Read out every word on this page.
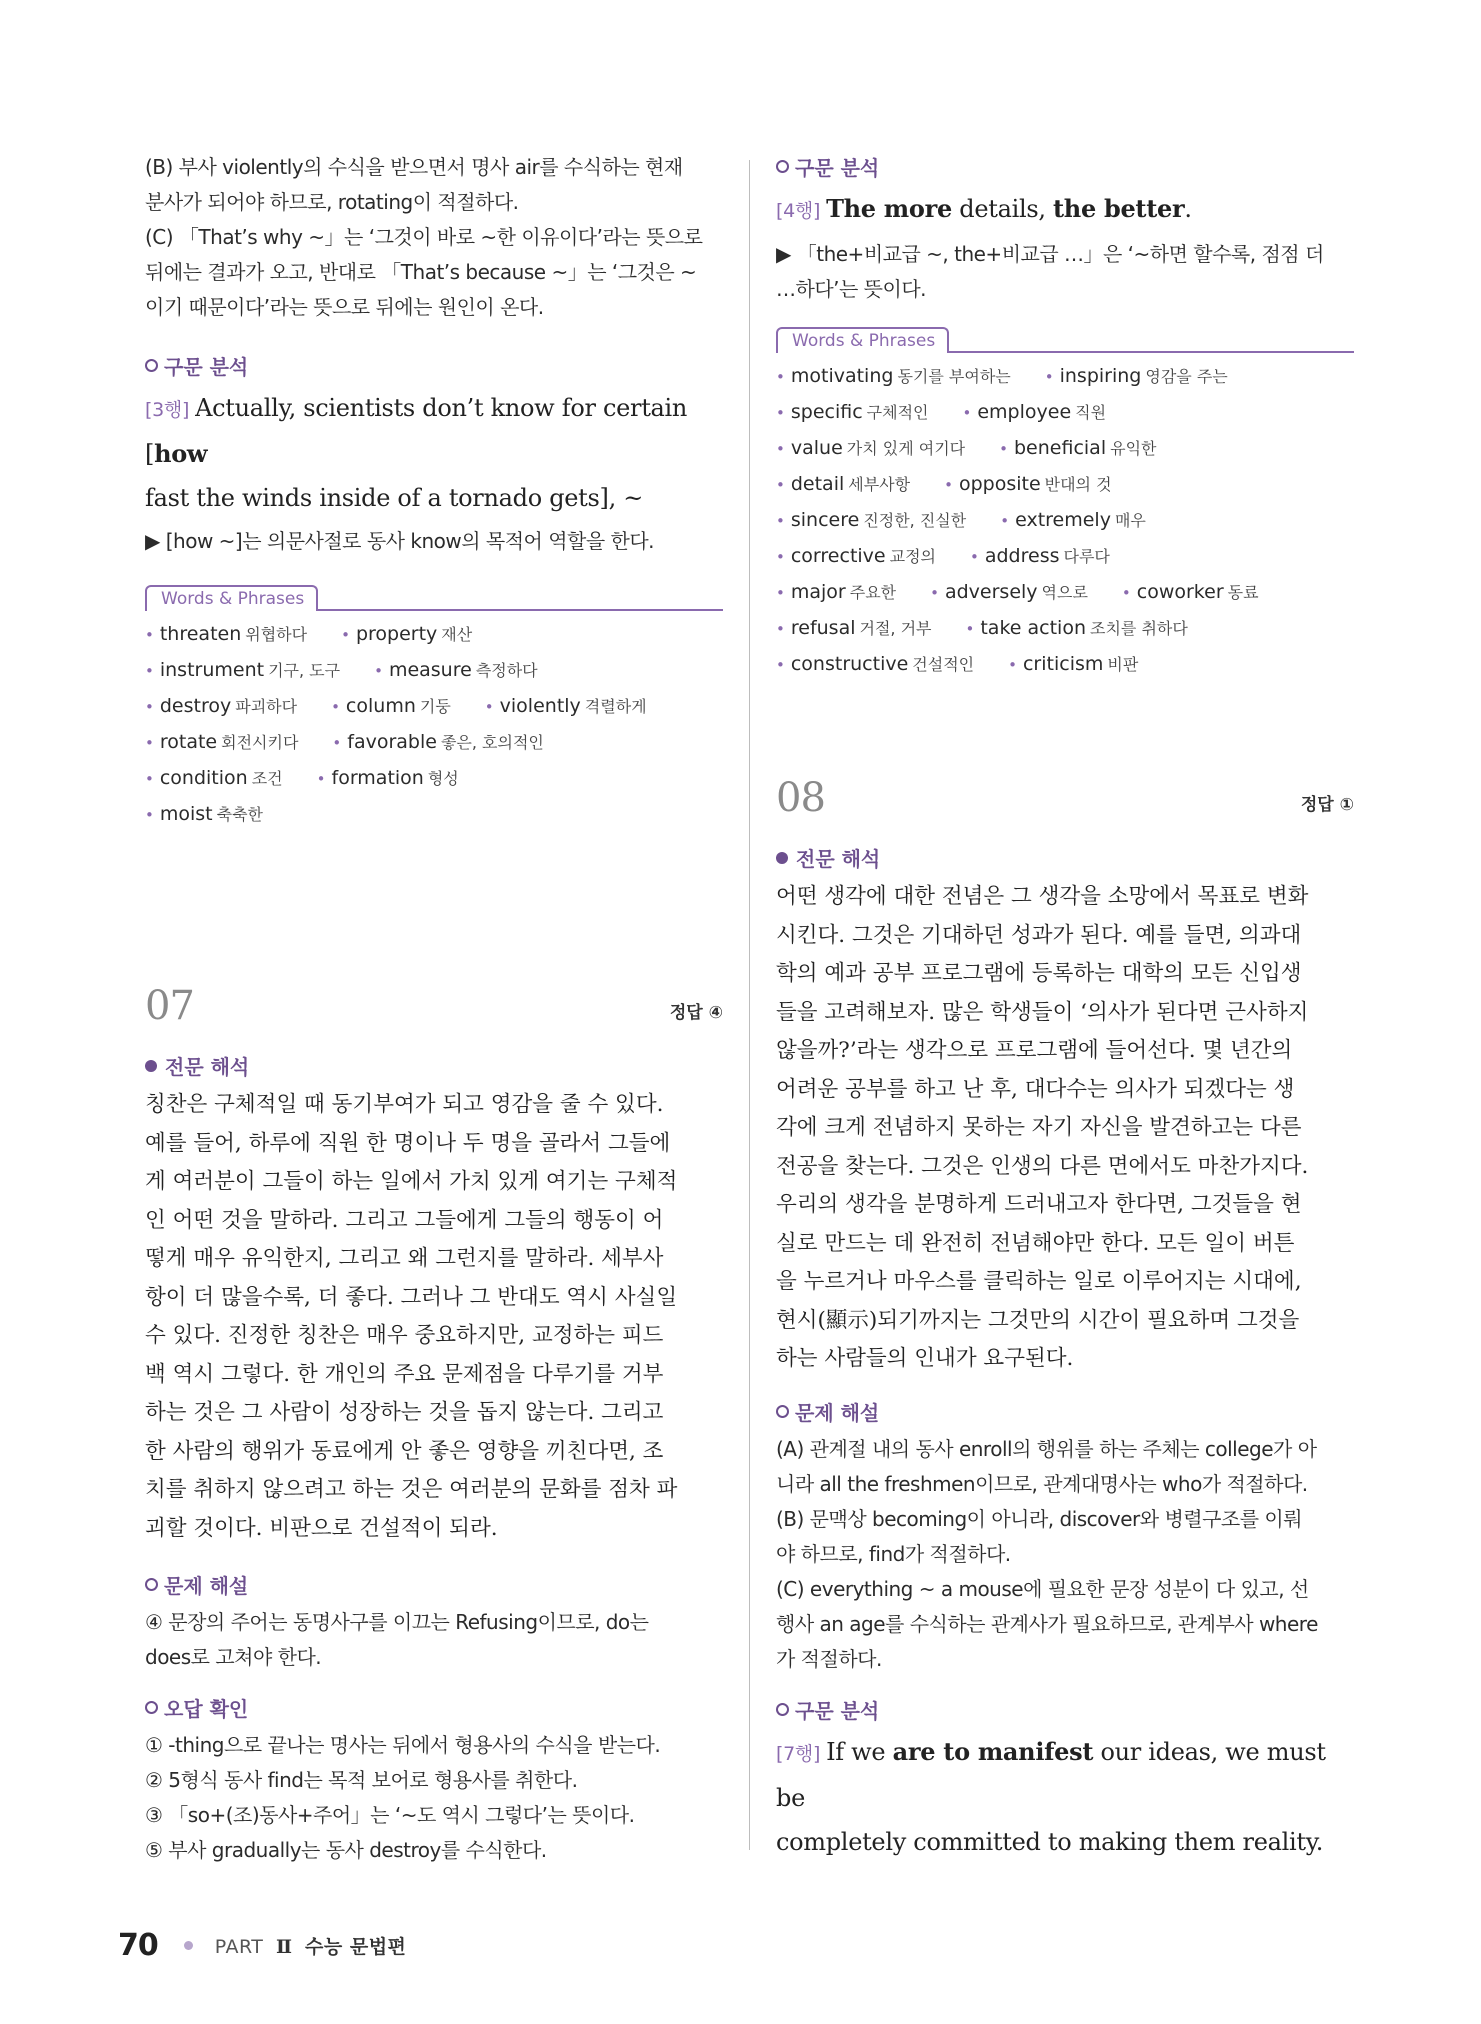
(B) 부사 violently의 수식을 받으면서 명사 air를 수식하는 현재

분사가 되어야 하므로, rotating이 적절하다.

(C) 「That’s why ~」는 ‘그것이 바로 ~한 이유이다’라는 뜻으로

뒤에는 결과가 오고, 반대로 「That’s because ~」는 ‘그것은 ~

이기 때문이다’라는 뜻으로 뒤에는 원인이 온다.

구문 분석
[3행] Actually, scientists don’t know for certain [how
fast the winds inside of a tornado gets], ~
▶ [how ~]는 의문사절로 동사 know의 목적어 역할을 한다.
Words & Phrases
• threaten 위협하다	• property 재산
• instrument 기구, 도구	• measure 측정하다
• destroy 파괴하다	• column 기둥	• violently 격렬하게
• rotate 회전시키다	• favorable 좋은, 호의적인
• condition 조건	• formation 형성
• moist 축축한
07	정답 ④
전문 해석

칭찬은 구체적일 때 동기부여가 되고 영감을 줄 수 있다.

예를 들어, 하루에 직원 한 명이나 두 명을 골라서 그들에

게 여러분이 그들이 하는 일에서 가치 있게 여기는 구체적

인 어떤 것을 말하라. 그리고 그들에게 그들의 행동이 어

떻게 매우 유익한지, 그리고 왜 그런지를 말하라. 세부사

항이 더 많을수록, 더 좋다. 그러나 그 반대도 역시 사실일

수 있다. 진정한 칭찬은 매우 중요하지만, 교정하는 피드

백 역시 그렇다. 한 개인의 주요 문제점을 다루기를 거부

하는 것은 그 사람이 성장하는 것을 돕지 않는다. 그리고

한 사람의 행위가 동료에게 안 좋은 영향을 끼친다면, 조

치를 취하지 않으려고 하는 것은 여러분의 문화를 점차 파

괴할 것이다. 비판으로 건설적이 되라.

문제 해설

④ 문장의 주어는 동명사구를 이끄는 Refusing이므로, do는

does로 고쳐야 한다.

오답 확인

① -thing으로 끝나는 명사는 뒤에서 형용사의 수식을 받는다.

② 5형식 동사 find는 목적 보어로 형용사를 취한다.

③ 「so+(조)동사+주어」는 ‘~도 역시 그렇다’는 뜻이다.

⑤ 부사 gradually는 동사 destroy를 수식한다.

구문 분석
[4행] The more details, the better.

▶ 「the+비교급 ~, the+비교급 …」은 ‘~하면 할수록, 점점 더

…하다’는 뜻이다.

Words & Phrases
• motivating 동기를 부여하는	• inspiring 영감을 주는
• specific 구체적인	• employee 직원
• value 가치 있게 여기다	• beneficial 유익한
• detail 세부사항	• opposite 반대의 것
• sincere 진정한, 진실한	• extremely 매우
• corrective 교정의	• address 다루다
• major 주요한	• adversely 역으로	• coworker 동료
• refusal 거절, 거부	• take action 조치를 취하다
• constructive 건설적인	• criticism 비판
08	정답 ①
전문 해석

어떤 생각에 대한 전념은 그 생각을 소망에서 목표로 변화

시킨다. 그것은 기대하던 성과가 된다. 예를 들면, 의과대

학의 예과 공부 프로그램에 등록하는 대학의 모든 신입생

들을 고려해보자. 많은 학생들이 ‘의사가 된다면 근사하지

않을까?’라는 생각으로 프로그램에 들어선다. 몇 년간의

어려운 공부를 하고 난 후, 대다수는 의사가 되겠다는 생

각에 크게 전념하지 못하는 자기 자신을 발견하고는 다른

전공을 찾는다. 그것은 인생의 다른 면에서도 마찬가지다.

우리의 생각을 분명하게 드러내고자 한다면, 그것들을 현

실로 만드는 데 완전히 전념해야만 한다. 모든 일이 버튼

을 누르거나 마우스를 클릭하는 일로 이루어지는 시대에,

현시(顯示)되기까지는 그것만의 시간이 필요하며 그것을

하는 사람들의 인내가 요구된다.

문제 해설

(A) 관계절 내의 동사 enroll의 행위를 하는 주체는 college가 아

니라 all the freshmen이므로, 관계대명사는 who가 적절하다.

(B) 문맥상 becoming이 아니라, discover와 병렬구조를 이뤄

야 하므로, find가 적절하다.

(C) everything ~ a mouse에 필요한 문장 성분이 다 있고, 선

행사 an age를 수식하는 관계사가 필요하므로, 관계부사 where

가 적절하다.

구문 분석
[7행] If we are to manifest our ideas, we must be
completely committed to making them reality.
70	PART Ⅱ 수능 문법편
